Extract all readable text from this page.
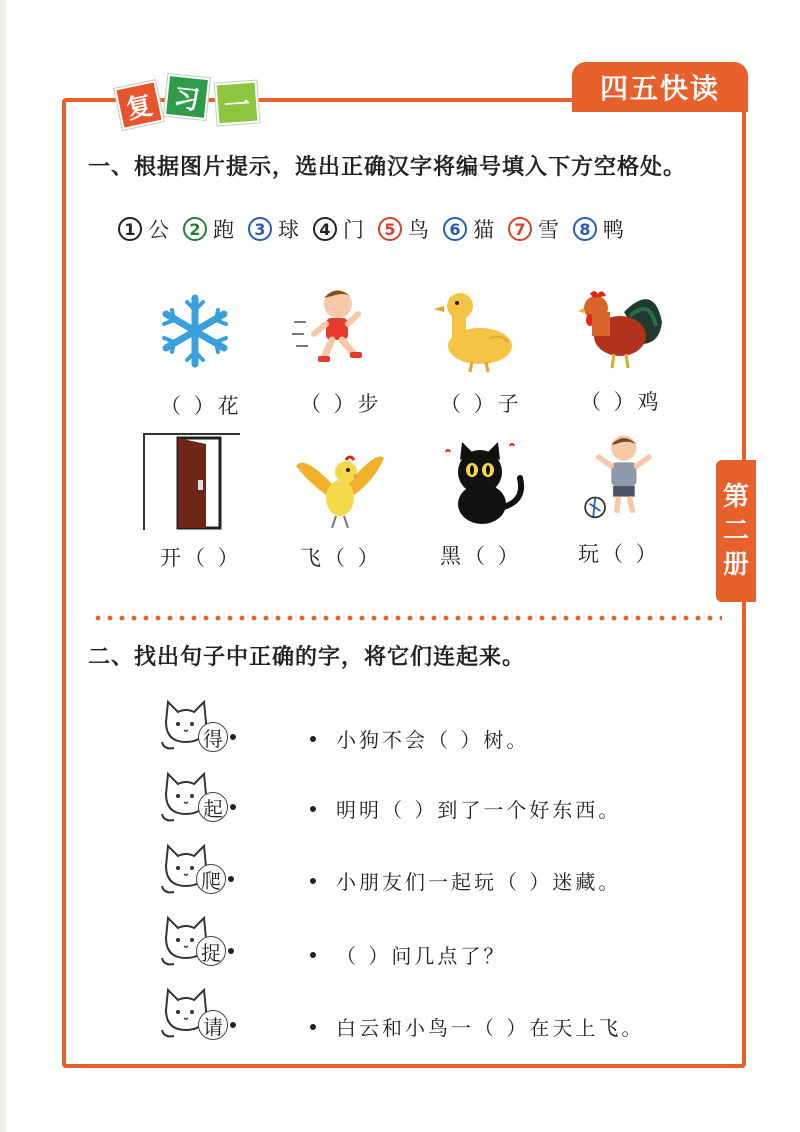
复 习 一
四五快读
第
二
册
一、根据图片提示，选出正确汉字将编号填入下方空格处。
1 公	2 跑	3 球	4 门	5 鸟	6 猫	7 雪	8 鸭
（ ）花	（ ）步	（ ）子	（ ）鸡
开（ ）	飞（ ）	黑（ ）	玩（ ）
二、找出句子中正确的字，将它们连起来。
得
起
爬
捉
请
小狗不会（ ）树。
明明（ ）到了一个好东西。
小朋友们一起玩（ ）迷藏。
（ ）问几点了？
白云和小鸟一（ ）在天上飞。
